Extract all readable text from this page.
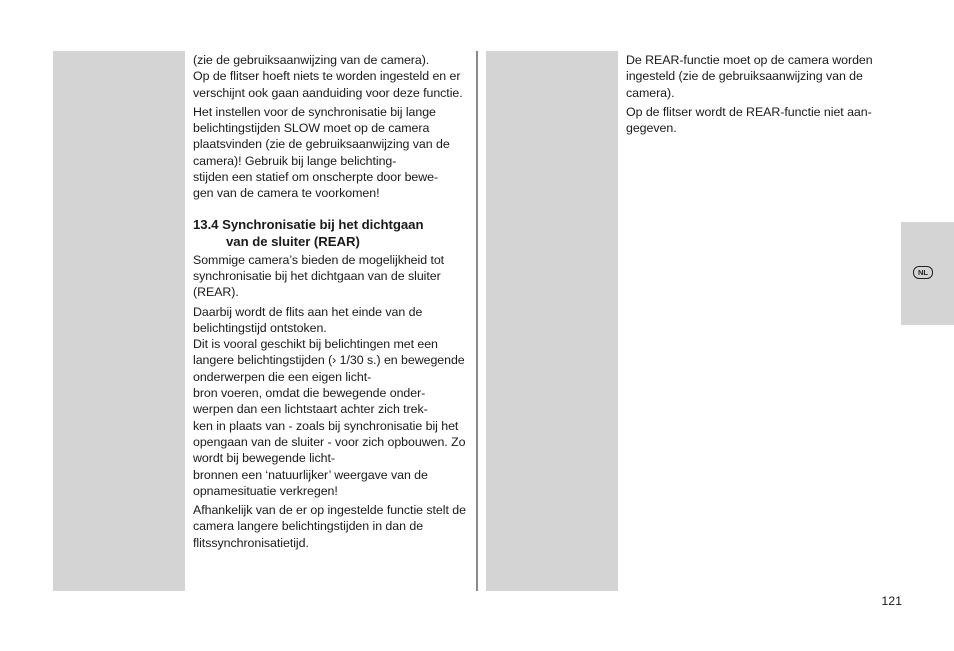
(zie de gebruiksaanwijzing van de camera).
Op de flitser hoeft niets te worden ingesteld en er verschijnt ook gaan aanduiding voor deze functie.

Het instellen voor de synchronisatie bij lange belichtingstijden SLOW moet op de camera plaatsvinden (zie de gebruiksaanwijzing van de camera)! Gebruik bij lange belichting-
stijden een statief om onscherpte door bewe-
gen van de camera te voorkomen!

13.4 Synchronisatie bij het dichtgaan
van de sluiter (REAR)

Sommige camera’s bieden de mogelijkheid tot synchronisatie bij het dichtgaan van de sluiter (REAR).

Daarbij wordt de flits aan het einde van de belichtingstijd ontstoken.
Dit is vooral geschikt bij belichtingen met een langere belichtingstijden (› 1/30 s.) en bewegende onderwerpen die een eigen licht-
bron voeren, omdat die bewegende onder-
werpen dan een lichtstaart achter zich trek-
ken in plaats van - zoals bij synchronisatie bij het opengaan van de sluiter - voor zich opbouwen. Zo wordt bij bewegende licht-
bronnen een ‘natuurlijker’ weergave van de opnamesituatie verkregen!

Afhankelijk van de er op ingestelde functie stelt de camera langere belichtingstijden in dan de flitssynchronisatietijd.

De REAR-functie moet op de camera worden ingesteld (zie de gebruiksaanwijzing van de camera).

Op de flitser wordt de REAR-functie niet aan-
gegeven.

NL
121
